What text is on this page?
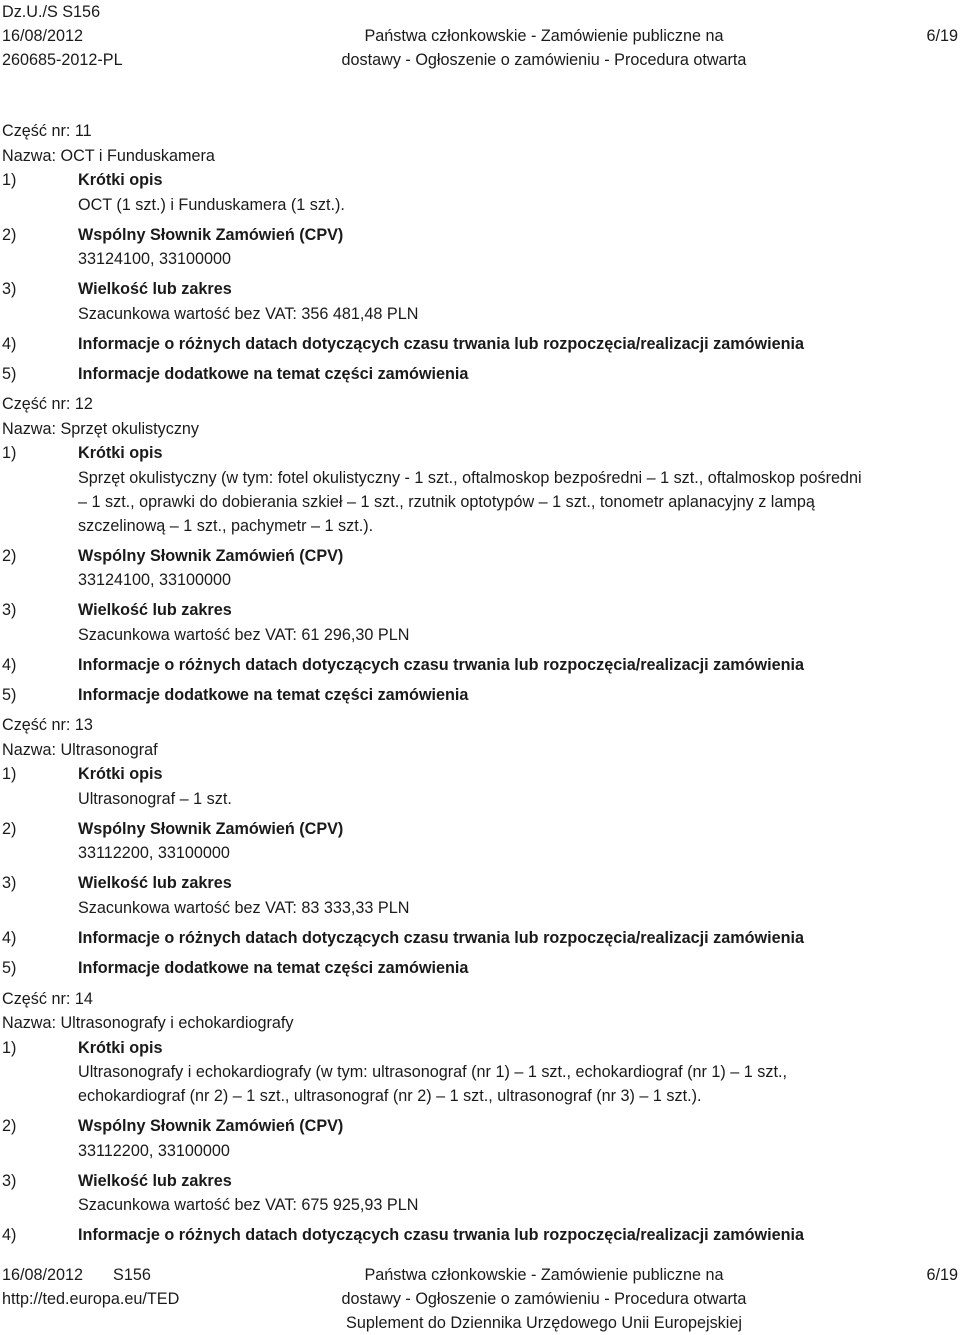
Dz.U./S S156
16/08/2012
260685-2012-PL
Państwa członkowskie - Zamówienie publiczne na
dostawy - Ogłoszenie o zamówieniu - Procedura otwarta
6/19
Część nr: 11
Nazwa: OCT i Funduskamera
1)	Krótki opis
OCT (1 szt.) i Funduskamera (1 szt.).
2)	Wspólny Słownik Zamówień (CPV)
33124100, 33100000
3)	Wielkość lub zakres
Szacunkowa wartość bez VAT: 356 481,48 PLN
4)	Informacje o różnych datach dotyczących czasu trwania lub rozpoczęcia/realizacji zamówienia
5)	Informacje dodatkowe na temat części zamówienia
Część nr: 12
Nazwa: Sprzęt okulistyczny
1)	Krótki opis
Sprzęt okulistyczny (w tym: fotel okulistyczny - 1 szt., oftalmoskop bezpośredni – 1 szt., oftalmoskop pośredni
– 1 szt., oprawki do dobierania szkieł – 1 szt., rzutnik optotypów – 1 szt., tonometr aplanacyjny z lampą
szczelinową – 1 szt., pachymetr – 1 szt.).
2)	Wspólny Słownik Zamówień (CPV)
33124100, 33100000
3)	Wielkość lub zakres
Szacunkowa wartość bez VAT: 61 296,30 PLN
4)	Informacje o różnych datach dotyczących czasu trwania lub rozpoczęcia/realizacji zamówienia
5)	Informacje dodatkowe na temat części zamówienia
Część nr: 13
Nazwa: Ultrasonograf
1)	Krótki opis
Ultrasonograf – 1 szt.
2)	Wspólny Słownik Zamówień (CPV)
33112200, 33100000
3)	Wielkość lub zakres
Szacunkowa wartość bez VAT: 83 333,33 PLN
4)	Informacje o różnych datach dotyczących czasu trwania lub rozpoczęcia/realizacji zamówienia
5)	Informacje dodatkowe na temat części zamówienia
Część nr: 14
Nazwa: Ultrasonografy i echokardiografy
1)	Krótki opis
Ultrasonografy i echokardiografy (w tym: ultrasonograf (nr 1) – 1 szt., echokardiograf (nr 1) – 1 szt.,
echokardiograf (nr 2) – 1 szt., ultrasonograf (nr 2) – 1 szt., ultrasonograf (nr 3) – 1 szt.).
2)	Wspólny Słownik Zamówień (CPV)
33112200, 33100000
3)	Wielkość lub zakres
Szacunkowa wartość bez VAT: 675 925,93 PLN
4)	Informacje o różnych datach dotyczących czasu trwania lub rozpoczęcia/realizacji zamówienia
16/08/2012 S156
http://ted.europa.eu/TED
Państwa członkowskie - Zamówienie publiczne na
dostawy - Ogłoszenie o zamówieniu - Procedura otwarta
Suplement do Dziennika Urzędowego Unii Europejskiej
6/19
